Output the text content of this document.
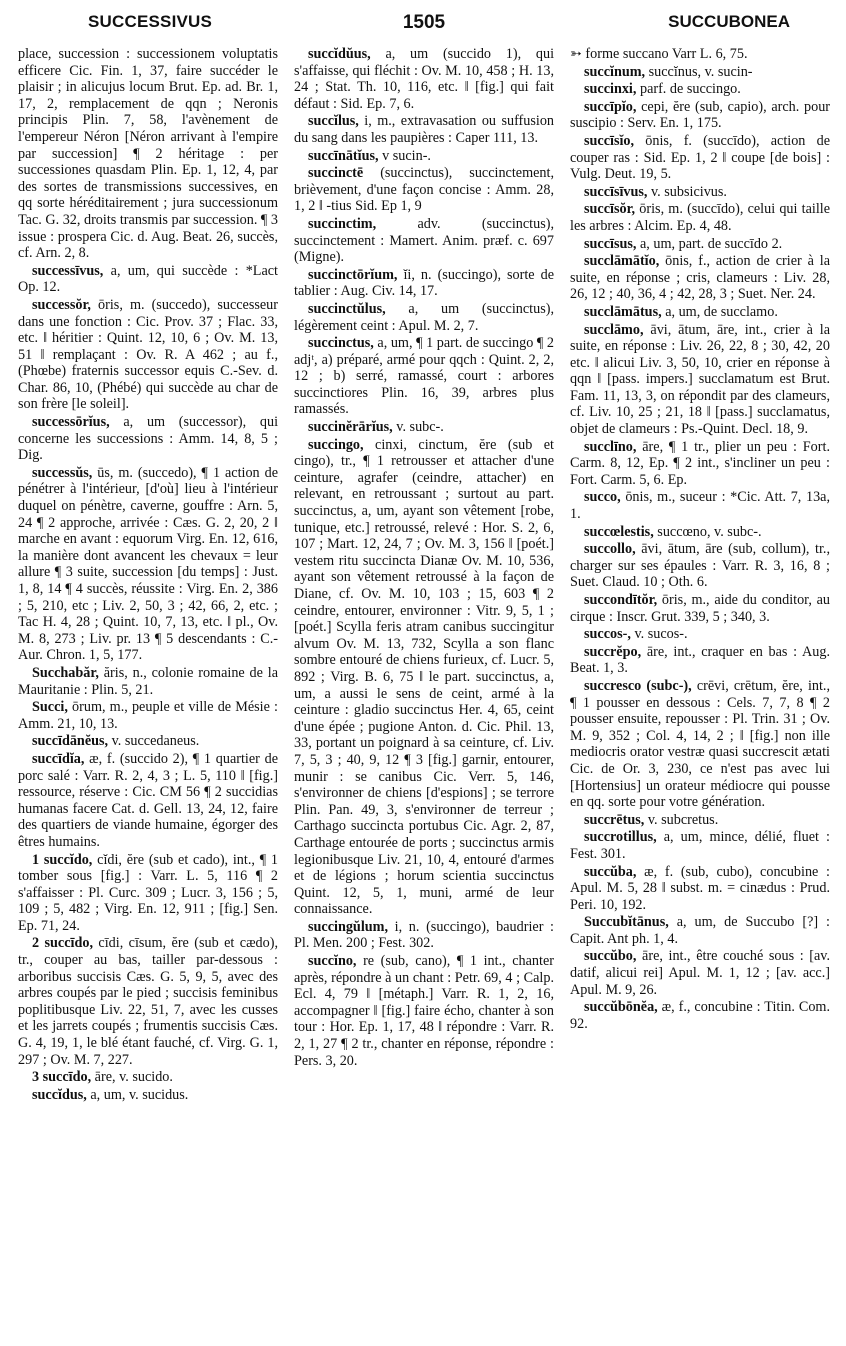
SUCCESSIVUS	1505	SUCCUBONEA

place, succession : successionem voluptatis efficere Cic. Fin. 1, 37, faire succéder le plaisir ; in alicujus locum Brut. Ep. ad. Br. 1, 17, 2, remplacement de qqn ; Neronis principis Plin. 7, 58, l'avènement de l'empereur Néron [Néron arrivant à l'empire par succession] ¶ 2 héritage : per successiones quasdam Plin. Ep. 1, 12, 4, par des sortes de transmissions successives, en qq sorte héréditairement ; jura successionum Tac. G. 32, droits transmis par succession. ¶ 3 issue : prospera Cic. d. Aug. Beat. 26, succès, cf. Arn. 2, 8.

successīvus, a, um, qui succède : *Lact Op. 12.

successŏr, ōris, m. (succedo), successeur dans une fonction : Cic. Prov. 37 ; Flac. 33, etc. ‖ héritier : Quint. 12, 10, 6 ; Ov. M. 13, 51 ‖ remplaçant : Ov. R. A 462 ; au f., (Phœbe) fraternis successor equis C.-Sev. d. Char. 86, 10, (Phébé) qui succède au char de son frère [le soleil].

successōrĭus, a, um (successor), qui concerne les successions : Amm. 14, 8, 5 ; Dig.

successŭs, ūs, m. (succedo), ¶ 1 action de pénétrer à l'intérieur, [d'où] lieu à l'intérieur duquel on pénètre, caverne, gouffre : Arn. 5, 24 ¶ 2 approche, arrivée : Cæs. G. 2, 20, 2 ‖ marche en avant : equorum Virg. En. 12, 616, la manière dont avancent les chevaux = leur allure ¶ 3 suite, succession [du temps] : Just. 1, 8, 14 ¶ 4 succès, réussite : Virg. En. 2, 386 ; 5, 210, etc ; Liv. 2, 50, 3 ; 42, 66, 2, etc. ; Tac H. 4, 28 ; Quint. 10, 7, 13, etc. ‖ pl., Ov. M. 8, 273 ; Liv. pr. 13 ¶ 5 descendants : C.-Aur. Chron. 1, 5, 177.

Succhabăr, ăris, n., colonie romaine de la Mauritanie : Plin. 5, 21.

Succi, ōrum, m., peuple et ville de Mésie : Amm. 21, 10, 13.

succīdānĕus, v. succedaneus.

succīdĭa, æ, f. (succido 2), ¶ 1 quartier de porc salé : Varr. R. 2, 4, 3 ; L. 5, 110 ‖ [fig.] ressource, réserve : Cic. CM 56 ¶ 2 succidias humanas facere Cat. d. Gell. 13, 24, 12, faire des quartiers de viande humaine, égorger des êtres humains.

1 succĭdo, cĭdi, ĕre (sub et cado), int., ¶ 1 tomber sous [fig.] : Varr. L. 5, 116 ¶ 2 s'affaisser : Pl. Curc. 309 ; Lucr. 3, 156 ; 5, 109 ; 5, 482 ; Virg. En. 12, 911 ; [fig.] Sen. Ep. 71, 24.

2 succīdo, cīdi, cīsum, ĕre (sub et cædo), tr., couper au bas, tailler par-dessous : arboribus succisis Cæs. G. 5, 9, 5, avec des arbres coupés par le pied ; succisis feminibus poplitibusque Liv. 22, 51, 7, avec les cusses et les jarrets coupés ; frumentis succisis Cæs. G. 4, 19, 1, le blé étant fauché, cf. Virg. G. 1, 297 ; Ov. M. 7, 227.

3 succīdo, āre, v. sucido.

succĭdus, a, um, v. sucidus.

succĭdŭus, a, um (succido 1), qui s'affaisse, qui fléchit : Ov. M. 10, 458 ; H. 13, 24 ; Stat. Th. 10, 116, etc. ‖ [fig.] qui fait défaut : Sid. Ep. 7, 6.

succĭlus, i, m., extravasation ou suffusion du sang dans les paupières : Caper 111, 13.

succīnātĭus, v sucin-.

succinctē (succinctus), succinctement, brièvement, d'une façon concise : Amm. 28, 1, 2 ‖ -tius Sid. Ep 1, 9

succinctim,	adv. (succinctus), succinctement : Mamert. Anim. præf. c. 697 (Migne).

succinctōrĭum, ĭi, n. (succingo), sorte de tablier : Aug. Civ. 14, 17.

succinctŭlus, a, um (succinctus), légèrement ceint : Apul. M. 2, 7.

succinctus, a, um, ¶ 1 part. de succingo ¶ 2 adjᵗ, a) préparé, armé pour qqch : Quint. 2, 2, 12 ; b) serré, ramassé, court : arbores succinctiores Plin. 16, 39, arbres plus ramassés.

succinĕrārĭus, v. subc-.

succingo, cinxi, cinctum, ĕre (sub et cingo), tr., ¶ 1 retrousser et attacher d'une ceinture, agrafer (ceindre, attacher) en relevant, en retroussant ; surtout au part. succinctus, a, um, ayant son vêtement [robe, tunique, etc.] retroussé, relevé : Hor. S. 2, 6, 107 ; Mart. 12, 24, 7 ; Ov. M. 3, 156 ‖ [poét.] vestem ritu succincta Dianæ Ov. M. 10, 536, ayant son vêtement retroussé à la façon de Diane, cf. Ov. M. 10, 103 ; 15, 603 ¶ 2 ceindre, entourer, environner : Vitr. 9, 5, 1 ; [poét.] Scylla feris atram canibus succingitur alvum Ov. M. 13, 732, Scylla a son flanc sombre entouré de chiens furieux, cf. Lucr. 5, 892 ; Virg. B. 6, 75 ‖ le part. succinctus, a, um, a aussi le sens de ceint, armé à la ceinture : gladio succinctus Her. 4, 65, ceint d'une épée ; pugione Anton. d. Cic. Phil. 13, 33, portant un poignard à sa ceinture, cf. Liv. 7, 5, 3 ; 40, 9, 12 ¶ 3 [fig.] garnir, entourer, munir : se canibus Cic. Verr. 5, 146, s'environner de chiens [d'espions] ; se terrore Plin. Pan. 49, 3, s'environner de terreur ; Carthago succincta portubus Cic. Agr. 2, 87, Carthage entourée de ports ; succinctus armis legionibusque Liv. 21, 10, 4, entouré d'armes et de légions ; horum scientia succinctus Quint. 12, 5, 1, muni, armé de leur connaissance.

succingŭlum, i, n. (succingo), baudrier : Pl. Men. 200 ; Fest. 302.

succĭno, re (sub, cano), ¶ 1 int., chanter après, répondre à un chant : Petr. 69, 4 ; Calp. Ecl. 4, 79 ‖ [métaph.] Varr. R. 1, 2, 16, accompagner ‖ [fig.] faire écho, chanter à son tour : Hor. Ep. 1, 17, 48 ‖ répondre : Varr. R. 2, 1, 27 ¶ 2 tr., chanter en réponse, répondre : Pers. 3, 20.

➳ forme succano Varr L. 6, 75.

succĭnum, succĭnus, v. sucin-

succinxi, parf. de succingo.

succīpĭo, cepi, ĕre (sub, capio), arch. pour suscipio : Serv. En. 1, 175.

succīsĭo, ōnis, f. (succīdo), action de couper ras : Sid. Ep. 1, 2 ‖ coupe [de bois] : Vulg. Deut. 19, 5.

succīsīvus, v. subsicivus.

succīsŏr, ōris, m. (succīdo), celui qui taille les arbres : Alcim. Ep. 4, 48.

succīsus, a, um, part. de succīdo 2.

succlāmātĭo, ōnis, f., action de crier à la suite, en réponse ; cris, clameurs : Liv. 28, 26, 12 ; 40, 36, 4 ; 42, 28, 3 ; Suet. Ner. 24.

succlāmātus, a, um, de succlamo.

succlāmo, āvi, ātum, āre, int., crier à la suite, en réponse : Liv. 26, 22, 8 ; 30, 42, 20 etc. ‖ alicui Liv. 3, 50, 10, crier en réponse à qqn ‖ [pass. impers.] succlamatum est Brut. Fam. 11, 13, 3, on répondit par des clameurs, cf. Liv. 10, 25 ; 21, 18 ‖ [pass.] succlamatus, objet de clameurs : Ps.-Quint. Decl. 18, 9.

succlīno, āre, ¶ 1 tr., plier un peu : Fort. Carm. 8, 12, Ep. ¶ 2 int., s'incliner un peu : Fort. Carm. 5, 6. Ep.

succo, ōnis, m., suceur : *Cic. Att. 7, 13a, 1.

succœlestis, succœno, v. subc-.

succollo, āvi, ātum, āre (sub, collum), tr., charger sur ses épaules : Varr. R. 3, 16, 8 ; Suet. Claud. 10 ; Oth. 6.

succondītŏr, ōris, m., aide du conditor, au cirque : Inscr. Grut. 339, 5 ; 340, 3.

succos-, v. sucos-.

succrĕpo, āre, int., craquer en bas : Aug. Beat. 1, 3.

succresco (subc-), crēvi, crētum, ĕre, int., ¶ 1 pousser en dessous : Cels. 7, 7, 8 ¶ 2 pousser ensuite, repousser : Pl. Trin. 31 ; Ov. M. 9, 352 ; Col. 4, 14, 2 ; ‖ [fig.] non ille mediocris orator vestræ quasi succrescit ætati Cic. de Or. 3, 230, ce n'est pas avec lui [Hortensius] un orateur médiocre qui pousse en qq. sorte pour votre génération.

succrētus, v. subcretus.

succrotillus, a, um, mince, délié, fluet : Fest. 301.

succŭba, æ, f. (sub, cubo), concubine : Apul. M. 5, 28 ‖ subst. m. = cinædus : Prud. Peri. 10, 192.

Succubĭtānus, a, um, de Succubo [?] : Capit. Ant ph. 1, 4.

succŭbo, āre, int., être couché sous : [av. datif, alicui rei] Apul. M. 1, 12 ; [av. acc.] Apul. M. 9, 26.

succŭbōnĕa, æ, f., concubine : Titin. Com. 92.
